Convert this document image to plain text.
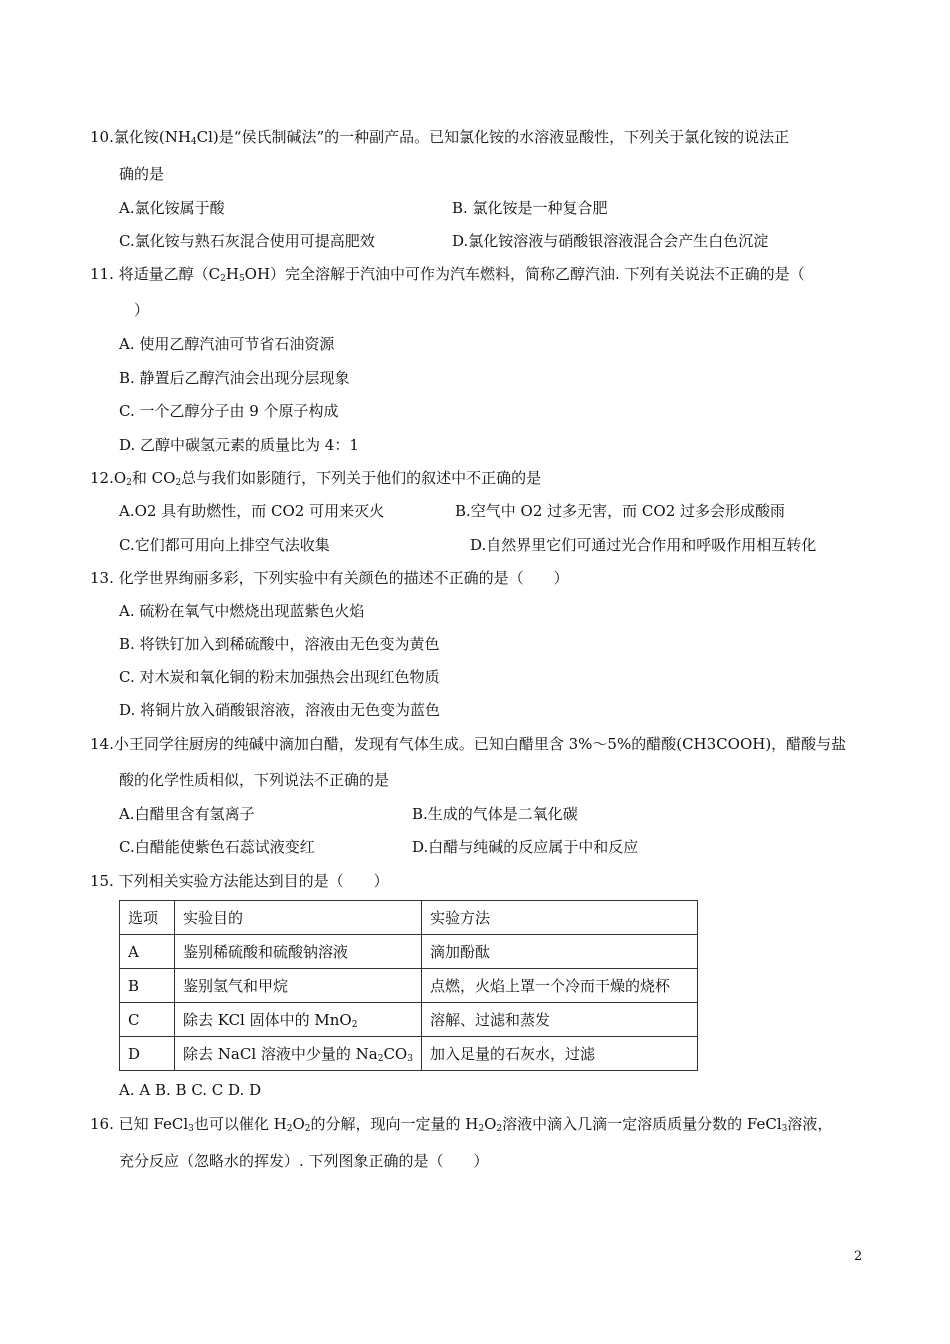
10.氯化铵$(NH_4Cl)$是“侯氏制碱法”的一种副产品。已知氯化铵的水溶液显酸性，下列关于氯化铵的说法正
确的是
A.氯化铵属于酸	B. 氯化铵是一种复合肥
C.氯化铵与熟石灰混合使用可提高肥效	D.氯化铵溶液与硝酸银溶液混合会产生白色沉淀
11. 将适量乙醇$(C_2H_5OH)$完全溶解于汽油中可作为汽车燃料，简称乙醇汽油. 下列有关说法不正确的是（
）
A. 使用乙醇汽油可节省石油资源
B. 静置后乙醇汽油会出现分层现象
C. 一个乙醇分子由 9 个原子构成
D. 乙醇中碳氢元素的质量比为 4：1
$12.O_2$和 $CO_2$总与我们如影随行，下列关于他们的叙述中不正确的是
A.O2 具有助燃性，而 CO2 可用来灭火	B.空气中 O2 过多无害，而 CO2 过多会形成酸雨
C.它们都可用向上排空气法收集	D.自然界里它们可通过光合作用和呼吸作用相互转化
13. 化学世界绚丽多彩，下列实验中有关颜色的描述不正确的是（　　）
A. 硫粉在氧气中燃烧出现蓝紫色火焰
B. 将铁钉加入到稀硫酸中，溶液由无色变为黄色
C. 对木炭和氧化铜的粉末加强热会出现红色物质
D. 将铜片放入硝酸银溶液，溶液由无色变为蓝色
14.小王同学往厨房的纯碱中滴加白醋，发现有气体生成。已知白醋里含 3%～5%的醋酸(CH3COOH)，醋酸与盐
酸的化学性质相似，下列说法不正确的是
A.白醋里含有氢离子	B.生成的气体是二氧化碳
C.白醋能使紫色石蕊试液变红	D.白醋与纯碱的反应属于中和反应
15. 下列相关实验方法能达到目的是（　　）
选项	实验目的	实验方法
A	鉴别稀硫酸和硫酸钠溶液	滴加酚酞
B	鉴别氢气和甲烷	点燃，火焰上罩一个冷而干燥的烧杯
C	除去 KCl 固体中的 MnO$_2$	溶解、过滤和蒸发
D	除去 NaCl 溶液中少量的 $Na_2CO_3$	加入足量的石灰水，过滤
A. A B. B C. C D. D
16. 已知 FeCl$_3$也可以催化 $H_2O_2$的分解，现向一定量的 $H_2O_2$溶液中滴入几滴一定溶质质量分数的 FeCl$_3$溶液，
充分反应（忽略水的挥发）. 下列图象正确的是（　　）
2
